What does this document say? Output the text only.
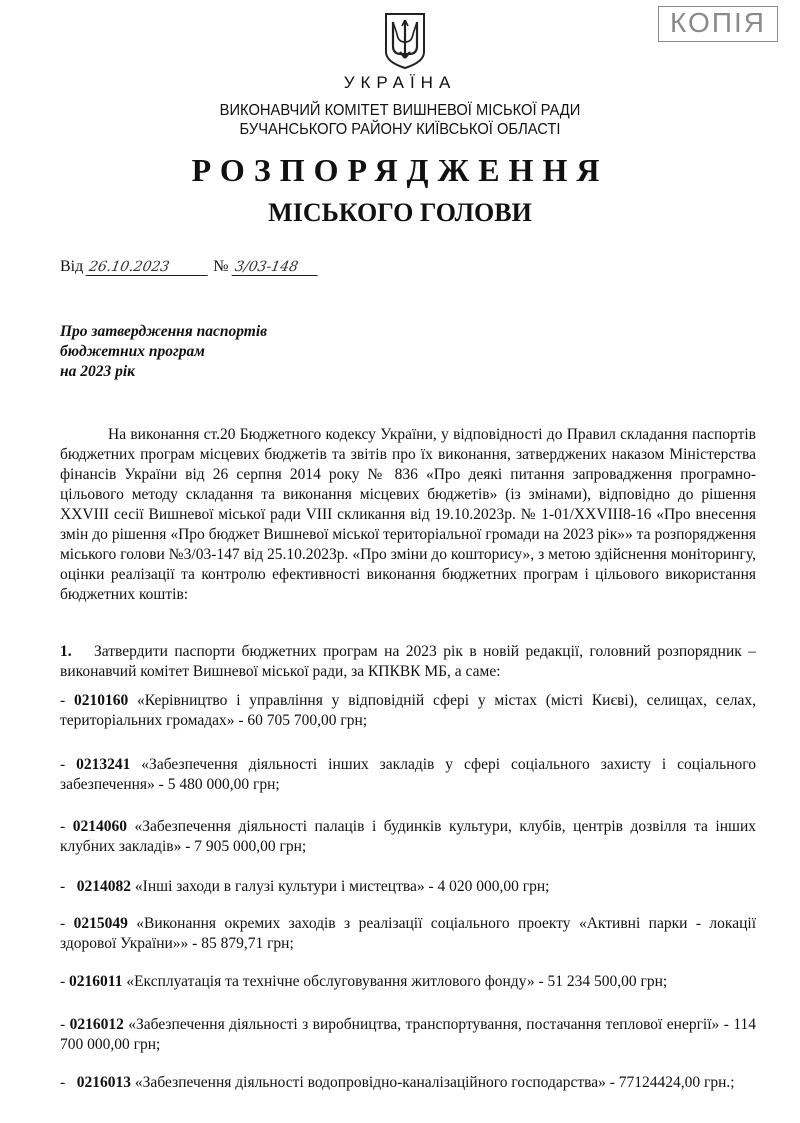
КОПІЯ
УКРАЇНА
ВИКОНАВЧИЙ КОМІТЕТ ВИШНЕВОЇ МІСЬКОЇ РАДИ
БУЧАНСЬКОГО РАЙОНУ КИЇВСЬКОЇ ОБЛАСТІ
РОЗПОРЯДЖЕННЯ
МІСЬКОГО ГОЛОВИ
Від 26.10.2023	№ 3/03-148
Про затвердження паспортів
бюджетних програм
на 2023 рік
На виконання ст.20 Бюджетного кодексу України, у відповідності до Правил складання паспортів бюджетних програм місцевих бюджетів та звітів про їх виконання, затверджених наказом Міністерства фінансів України від 26 серпня 2014 року № 836 «Про деякі питання запровадження програмно-цільового методу складання та виконання місцевих бюджетів» (із змінами), відповідно до рішення XXVIII сесії Вишневої міської ради VIII скликання від 19.10.2023р. № 1-01/XXVIII8-16 «Про внесення змін до рішення «Про бюджет Вишневої міської територіальної громади на 2023 рік»» та розпорядження міського голови №3/03-147 від 25.10.2023р. «Про зміни до кошторису», з метою здійснення моніторингу, оцінки реалізації та контролю ефективності виконання бюджетних програм і цільового використання бюджетних коштів:
1. Затвердити паспорти бюджетних програм на 2023 рік в новій редакції, головний розпорядник – виконавчий комітет Вишневої міської ради, за КПКВК МБ, а саме:
- 0210160 «Керівництво і управління у відповідній сфері у містах (місті Києві), селищах, селах, територіальних громадах» - 60 705 700,00 грн;
- 0213241 «Забезпечення діяльності інших закладів у сфері соціального захисту і соціального забезпечення» - 5 480 000,00 грн;
- 0214060 «Забезпечення діяльності палаців і будинків культури, клубів, центрів дозвілля та інших клубних закладів» - 7 905 000,00 грн;
-   0214082 «Інші заходи в галузі культури і мистецтва» - 4 020 000,00 грн;
- 0215049 «Виконання окремих заходів з реалізації соціального проекту «Активні парки - локації здорової України»» - 85 879,71 грн;
- 0216011 «Експлуатація та технічне обслуговування житлового фонду» - 51 234 500,00 грн;
- 0216012 «Забезпечення діяльності з виробництва, транспортування, постачання теплової енергії» - 114 700 000,00 грн;
-   0216013 «Забезпечення діяльності водопровідно-каналізаційного господарства» - 77124424,00 грн.;
